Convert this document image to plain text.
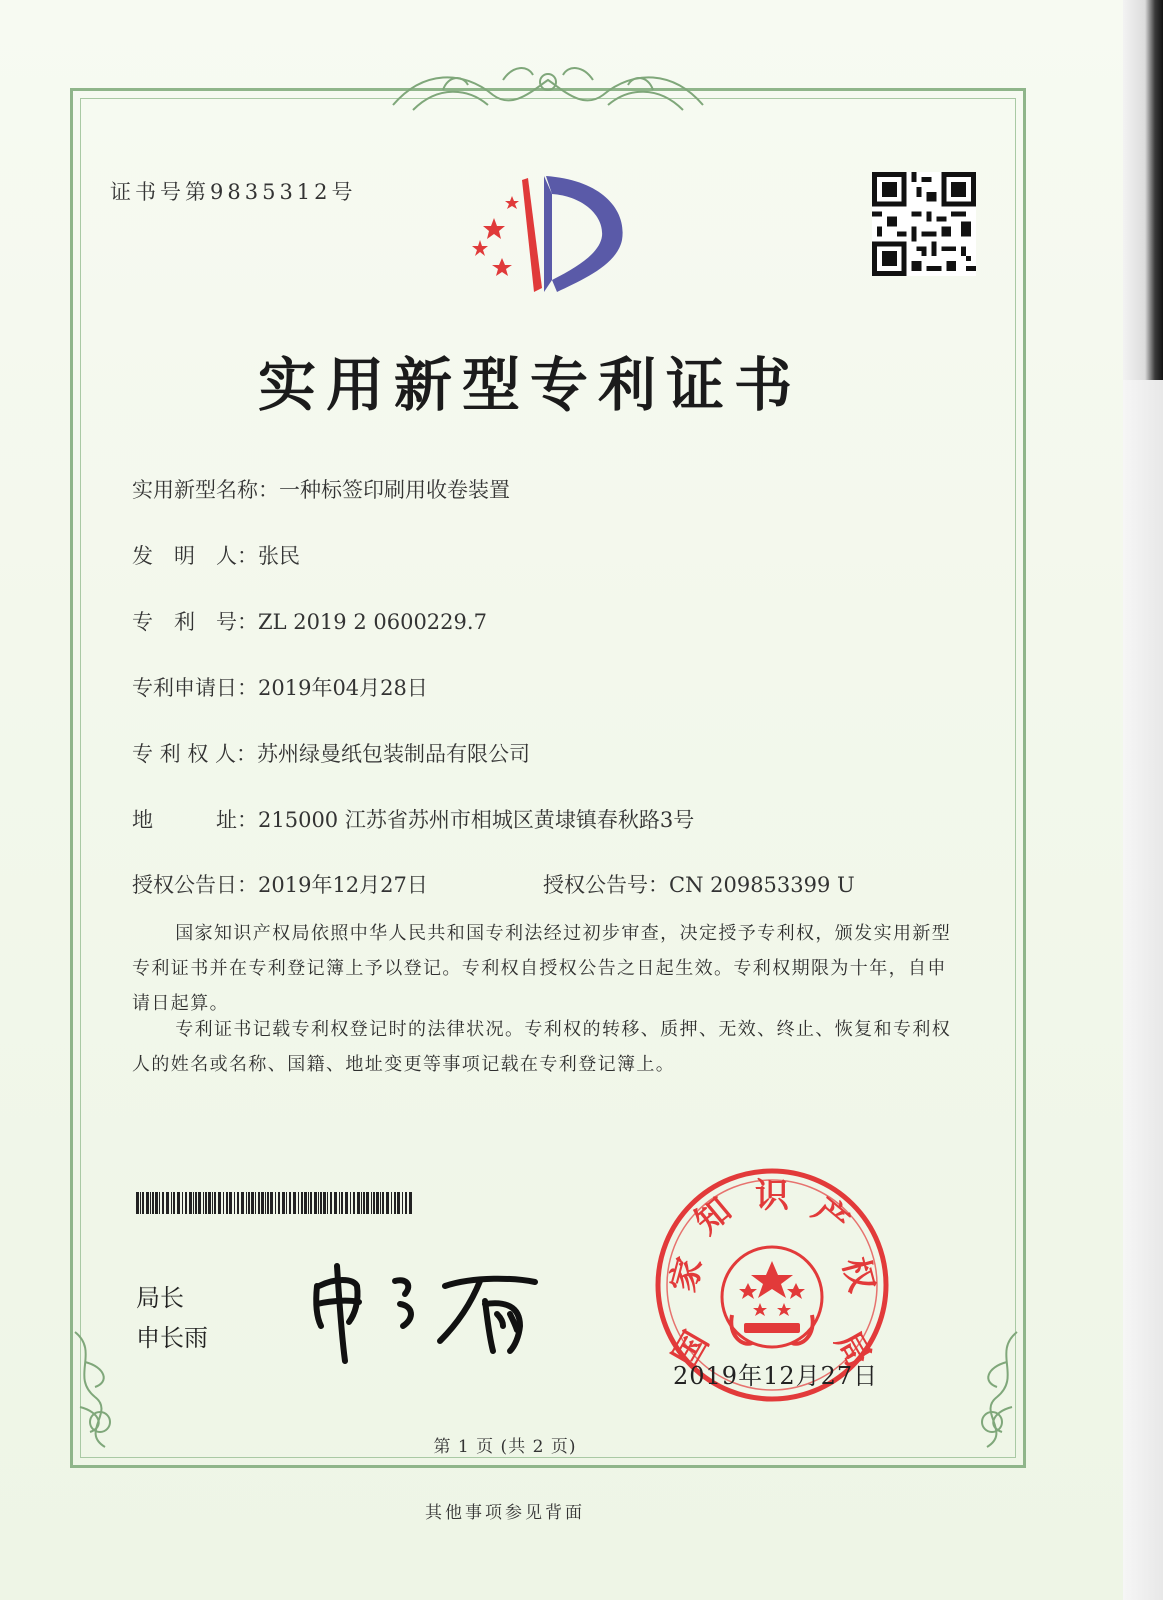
证书号第9835312号
实用新型专利证书
实用新型名称：一种标签印刷用收卷装置
发　明　人：张民
专　利　号：ZL 2019 2 0600229.7
专利申请日：2019年04月28日
专 利 权 人：苏州绿曼纸包装制品有限公司
地　　　址：215000 江苏省苏州市相城区黄埭镇春秋路3号
授权公告日：2019年12月27日	授权公告号：CN 209853399 U
国家知识产权局依照中华人民共和国专利法经过初步审查，决定授予专利权，颁发实用新型专利证书并在专利登记簿上予以登记。专利权自授权公告之日起生效。专利权期限为十年，自申请日起算。
专利证书记载专利权登记时的法律状况。专利权的转移、质押、无效、终止、恢复和专利权人的姓名或名称、国籍、地址变更等事项记载在专利登记簿上。
局长
申长雨	国
家
知 识 产
权
局
2019年12月27日
第 1 页 (共 2 页)
其他事项参见背面
